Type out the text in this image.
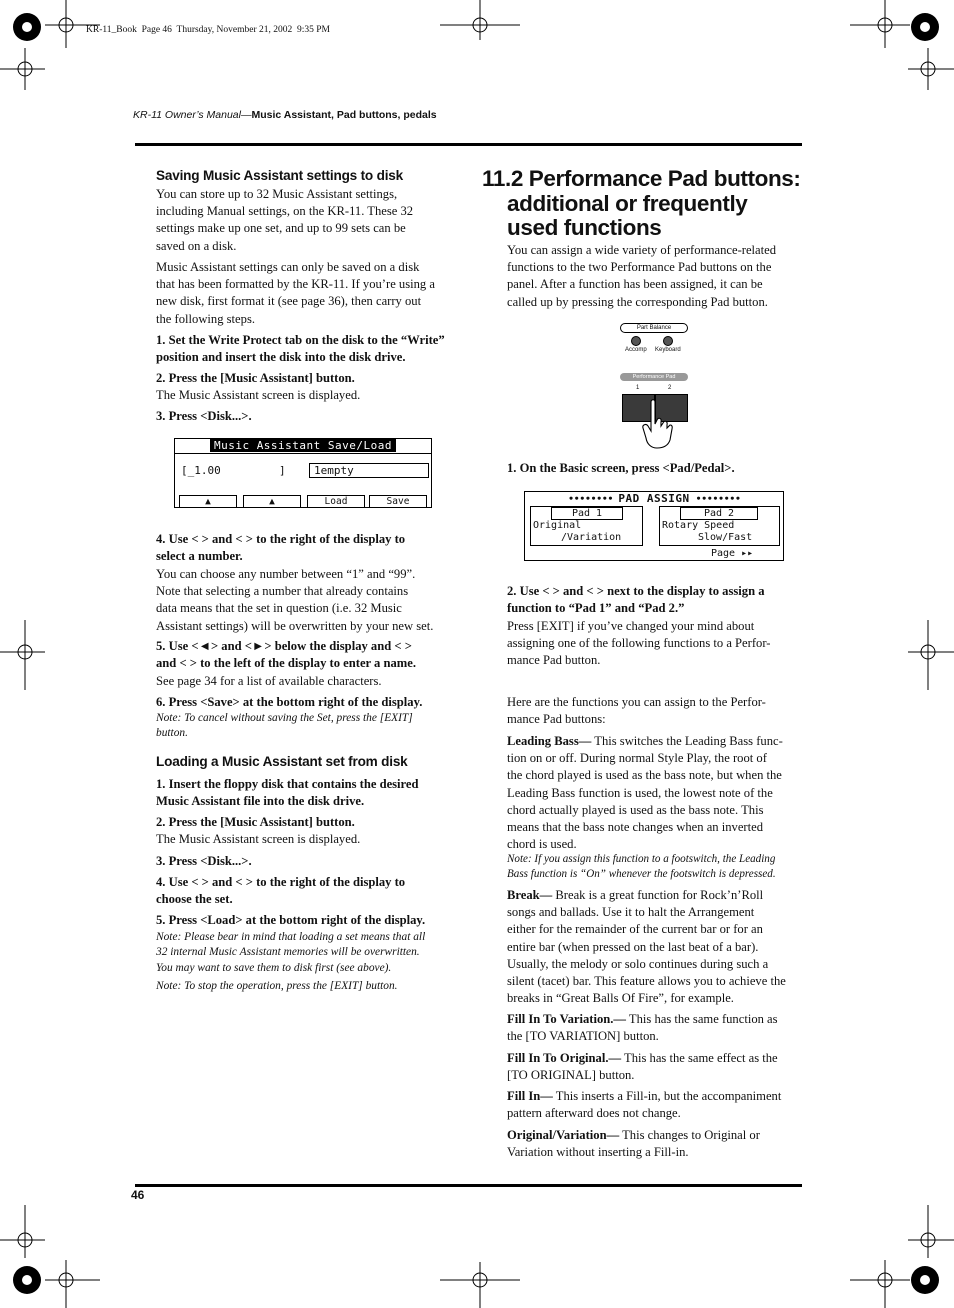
KR-11_Book  Page 46  Thursday, November 21, 2002  9:35 PM
KR-11 Owner’s Manual—Music Assistant, Pad buttons, pedals
Saving Music Assistant settings to disk
You can store up to 32 Music Assistant settings,
including Manual settings, on the KR-11. These 32
settings make up one set, and up to 99 sets can be
saved on a disk.
Music Assistant settings can only be saved on a disk
that has been formatted by the KR-11. If you’re using a
new disk, first format it (see page 36), then carry out
the following steps.
1. Set the Write Protect tab on the disk to the “Write”
position and insert the disk into the disk drive.
2. Press the [Music Assistant] button.
The Music Assistant screen is displayed.
3. Press <Disk...>.
Music Assistant Save/Load
[_1.00	]	1empty
▲	▲	Load	Save
4. Use < > and < > to the right of the display to
select a number.
You can choose any number between “1” and “99”.
Note that selecting a number that already contains
data means that the set in question (i.e. 32 Music
Assistant settings) will be overwritten by your new set.
5. Use <◄> and <►> below the display and < >
and < > to the left of the display to enter a name.
See page 34 for a list of available characters.
6. Press <Save> at the bottom right of the display.
Note: To cancel without saving the Set, press the [EXIT]
button.
Loading a Music Assistant set from disk
1. Insert the floppy disk that contains the desired
Music Assistant file into the disk drive.
2. Press the [Music Assistant] button.
The Music Assistant screen is displayed.
3. Press <Disk...>.
4. Use < > and < > to the right of the display to
choose the set.
5. Press <Load> at the bottom right of the display.
Note: Please bear in mind that loading a set means that all
32 internal Music Assistant memories will be overwritten.
You may want to save them to disk first (see above).
Note: To stop the operation, press the [EXIT] button.
11.2 Performance Pad buttons:
additional or frequently
used functions
You can assign a wide variety of performance-related
functions to the two Performance Pad buttons on the
panel. After a function has been assigned, it can be
called up by pressing the corresponding Pad button.
Part Balance
Accomp Keyboard
Performance Pad
1	2
1. On the Basic screen, press <Pad/Pedal>.
∙∙∙∙∙∙∙∙ PAD ASSIGN ∙∙∙∙∙∙∙∙
Pad 1
Original
/Variation
Pad 2
Rotary Speed
Slow/Fast
Page ▸▸
2. Use < > and < > next to the display to assign a
function to “Pad 1” and “Pad 2.”
Press [EXIT] if you’ve changed your mind about
assigning one of the following functions to a Perfor-
mance Pad button.
Here are the functions you can assign to the Perfor-
mance Pad buttons:
Leading Bass— This switches the Leading Bass func-
tion on or off. During normal Style Play, the root of
the chord played is used as the bass note, but when the
Leading Bass function is used, the lowest note of the
chord actually played is used as the bass note. This
means that the bass note changes when an inverted
chord is used.
Note: If you assign this function to a footswitch, the Leading
Bass function is “On” whenever the footswitch is depressed.
Break— Break is a great function for Rock’n’Roll
songs and ballads. Use it to halt the Arrangement
either for the remainder of the current bar or for an
entire bar (when pressed on the last beat of a bar).
Usually, the melody or solo continues during such a
silent (tacet) bar. This feature allows you to achieve the
breaks in “Great Balls Of Fire”, for example.
Fill In To Variation.— This has the same function as
the [TO VARIATION] button.
Fill In To Original.— This has the same effect as the
[TO ORIGINAL] button.
Fill In— This inserts a Fill-in, but the accompaniment
pattern afterward does not change.
Original/Variation— This changes to Original or
Variation without inserting a Fill-in.
46
